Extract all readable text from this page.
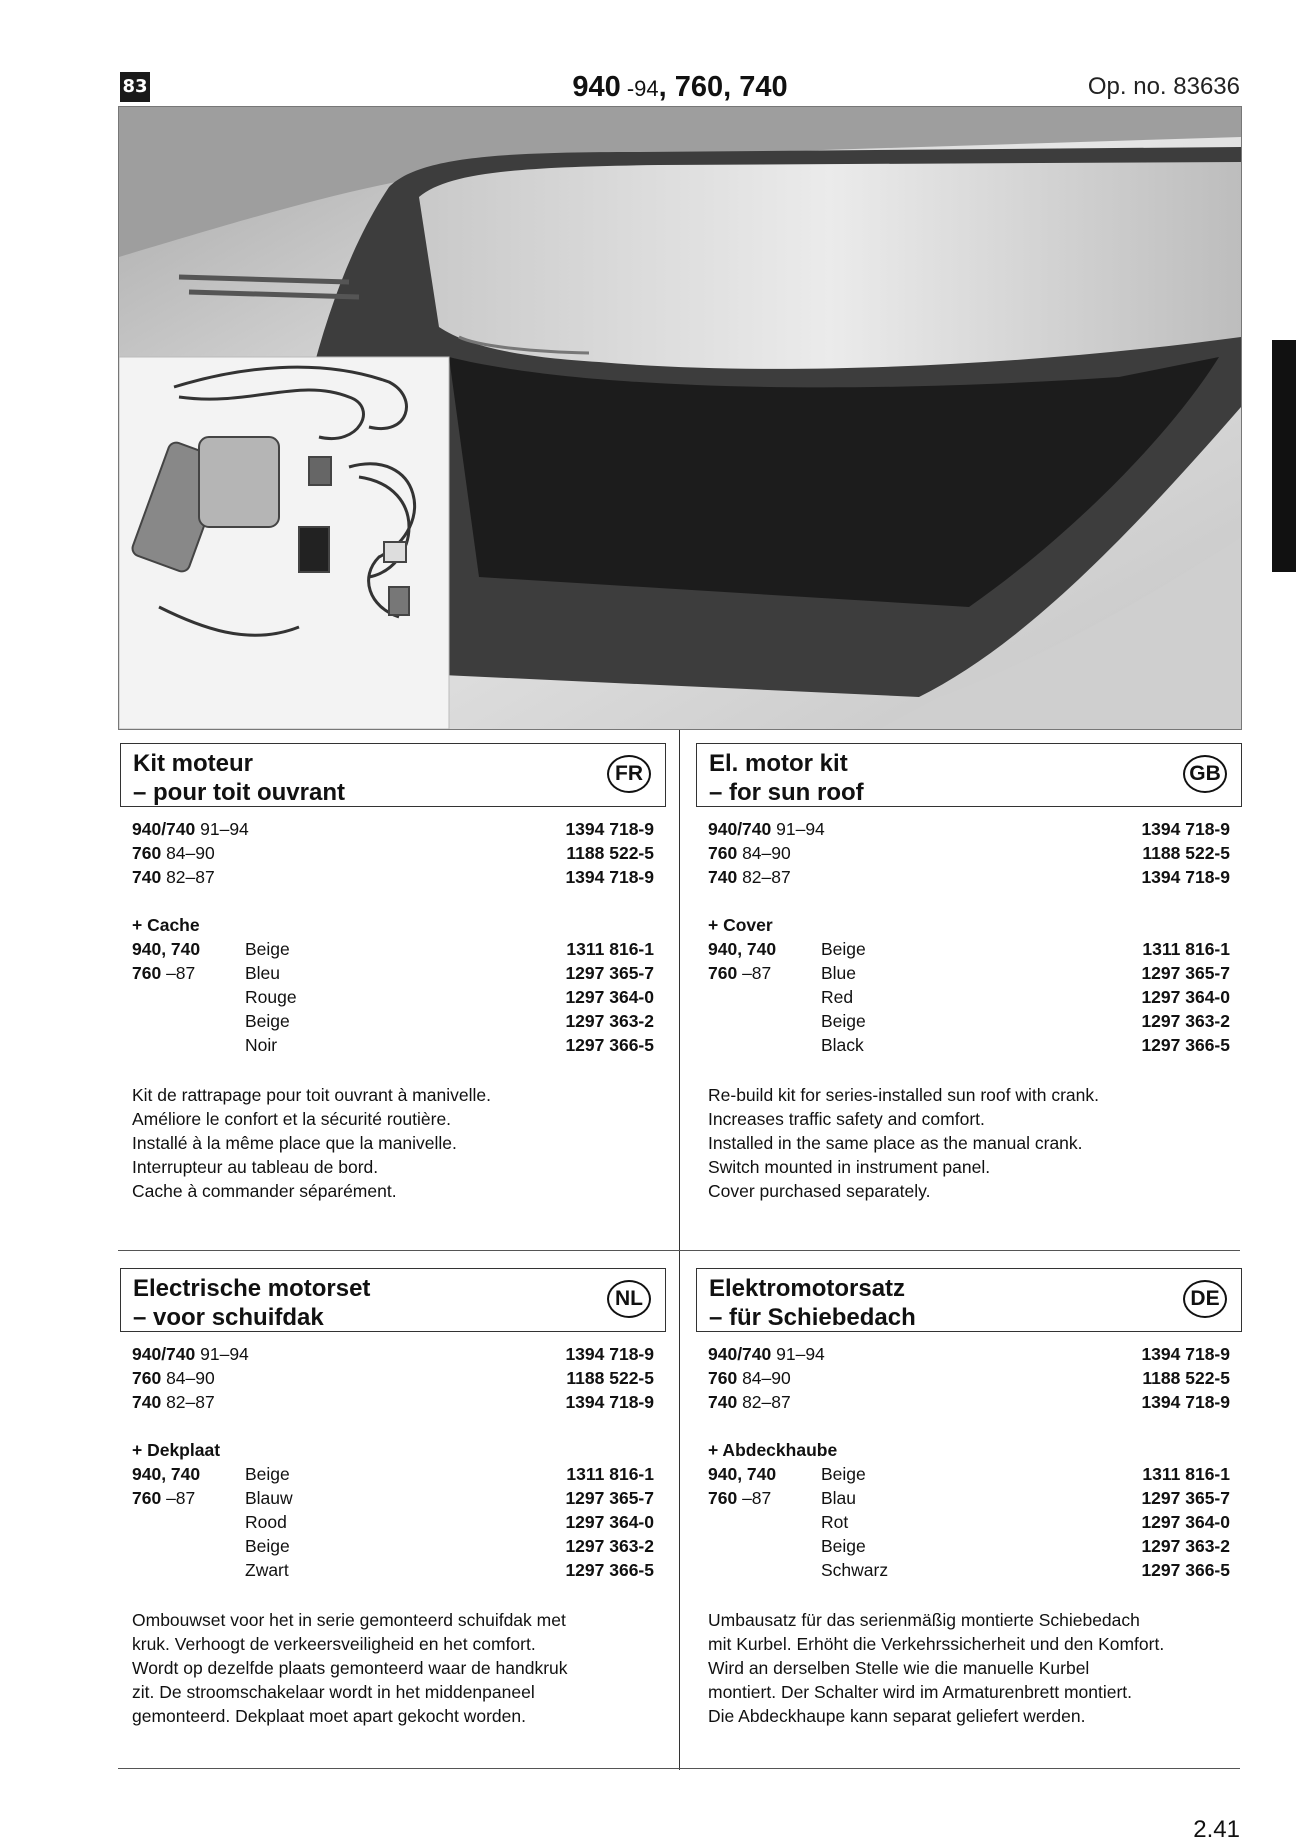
83	940 -94, 760, 740	Op. no. 83636
Kit moteur
– pour toit ouvrant
FR
940/740 91–94	1394 718-9
760 84–90	1188 522-5
740 82–87	1394 718-9
+ Cache
940, 740	Beige	1311 816-1
760 –87	Bleu	1297 365-7
Rouge	1297 364-0
Beige	1297 363-2
Noir	1297 366-5
Kit de rattrapage pour toit ouvrant à manivelle.
Améliore le confort et la sécurité routière.
Installé à la même place que la manivelle.
Interrupteur au tableau de bord.
Cache à commander séparément.
El. motor kit
– for sun roof
GB
940/740 91–94	1394 718-9
760 84–90	1188 522-5
740 82–87	1394 718-9
+ Cover
940, 740	Beige	1311 816-1
760 –87	Blue	1297 365-7
Red	1297 364-0
Beige	1297 363-2
Black	1297 366-5
Re-build kit for series-installed sun roof with crank.
Increases traffic safety and comfort.
Installed in the same place as the manual crank.
Switch mounted in instrument panel.
Cover purchased separately.
Electrische motorset
– voor schuifdak
NL
940/740 91–94	1394 718-9
760 84–90	1188 522-5
740 82–87	1394 718-9
+ Dekplaat
940, 740	Beige	1311 816-1
760 –87	Blauw	1297 365-7
Rood	1297 364-0
Beige	1297 363-2
Zwart	1297 366-5
Ombouwset voor het in serie gemonteerd schuifdak met
kruk. Verhoogt de verkeersveiligheid en het comfort.
Wordt op dezelfde plaats gemonteerd waar de handkruk
zit. De stroomschakelaar wordt in het middenpaneel
gemonteerd. Dekplaat moet apart gekocht worden.
Elektromotorsatz
– für Schiebedach
DE
940/740 91–94	1394 718-9
760 84–90	1188 522-5
740 82–87	1394 718-9
+ Abdeckhaube
940, 740	Beige	1311 816-1
760 –87	Blau	1297 365-7
Rot	1297 364-0
Beige	1297 363-2
Schwarz	1297 366-5
Umbausatz für das serienmäßig montierte Schiebedach
mit Kurbel. Erhöht die Verkehrssicherheit und den Komfort.
Wird an derselben Stelle wie die manuelle Kurbel
montiert. Der Schalter wird im Armaturenbrett montiert.
Die Abdeckhaupe kann separat geliefert werden.
2.41
